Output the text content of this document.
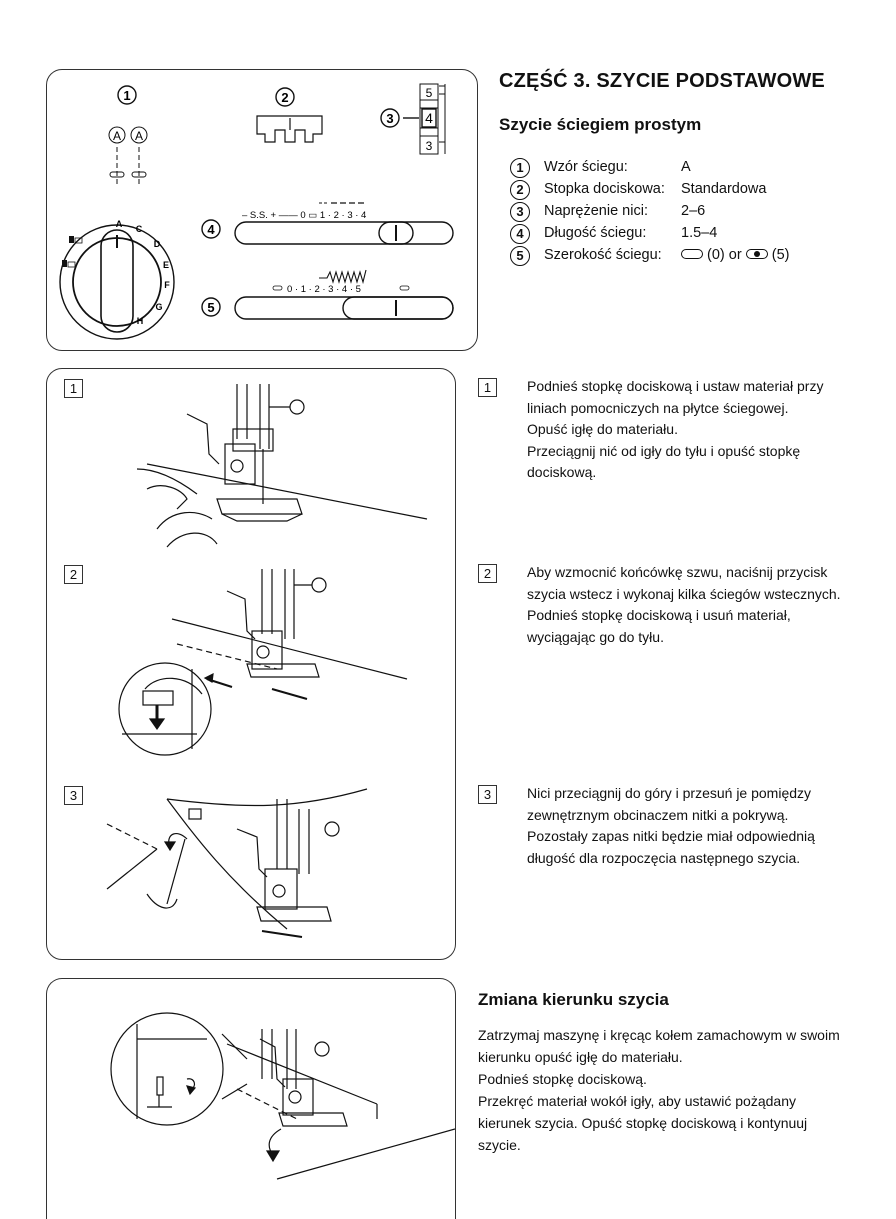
1	2
3
4
5
A A
5
4
3
A C
D
E
F
G
H
– S.S. + —— 0 ▭ 1 · 2 · 3 · 4
0 · 1 · 2 · 3 · 4 · 5
CZĘŚĆ 3. SZYCIE PODSTAWOWE
Szycie ściegiem prostym
1	Wzór ściegu:	A
2	Stopka dociskowa: Standardowa
3	Naprężenie nici: 2–6
4	Długość ściegu: 1.5–4
5	Szerokość ściegu:	(0) or (5)
1
2
3
1	Podnieś stopkę dociskową i ustaw materiał przy
liniach pomocniczych na płytce ściegowej.
Opuść igłę do materiału.
Przeciągnij nić od igły do tyłu i opuść stopkę
dociskową.
2	Aby wzmocnić końcówkę szwu, naciśnij przycisk
szycia wstecz i wykonaj kilka ściegów wstecznych.
Podnieś stopkę dociskową i usuń materiał,
wyciągając go do tyłu.
3	Nici przeciągnij do góry i przesuń je pomiędzy
zewnętrznym obcinaczem nitki a pokrywą.
Pozostały zapas nitki będzie miał odpowiednią
długość dla rozpoczęcia następnego szycia.
Zmiana kierunku szycia
Zatrzymaj maszynę i kręcąc kołem zamachowym w swoim
kierunku opuść igłę do materiału.
Podnieś stopkę dociskową.
Przekręć materiał wokół igły, aby ustawić pożądany
kierunek szycia. Opuść stopkę dociskową i kontynuuj
szycie.
